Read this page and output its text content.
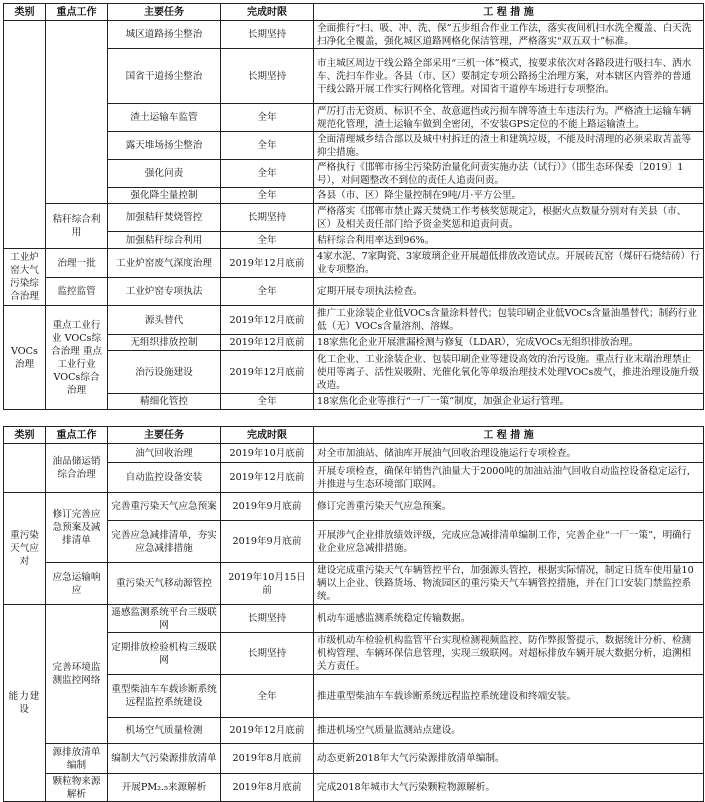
类别	重点工作	主要任务	完成时限	工 程 措 施
		城区道路扬尘整治	长期坚持	全面推行“扫、吸、冲、洗、保”五步组合作业工作法，落实夜间机扫水洗全覆盖、白天洗扫净化全覆盖，强化城区道路网格化保洁管理，严格落实“双五双十”标准。
		国省干道扬尘整治	长期坚持	市主城区周边干线公路全部采用“三机一体”模式，按要求依次对各路段进行吸扫车、洒水车、洗扫车作业。各县（市、区）要制定专项公路扬尘治理方案，对本辖区内管养的普通干线公路开展工作实行网格化管理。对国省干道停车场进行专项整治。
		渣土运输车监管	全年	严厉打击无资质、标识不全、故意遮挡或污损车牌等渣土车违法行为。严格渣土运输车辆规范化管理，渣土运输车做到全密闭，不安装GPS定位的不能上路运输渣土。
		露天堆场扬尘整治	全年	全面清理城乡结合部以及城中村拆迁的渣土和建筑垃圾，不能及时清理的必须采取苫盖等抑尘措施。
		强化问责	全年	严格执行《邯郸市扬尘污染防治量化问责实施办法（试行）》（邯生态环保委〔2019〕1号），对问题整改不到位的责任人追责问责。
		强化降尘量控制	全年	各县（市、区）降尘量控制在9吨/月·平方公里。
	秸秆综合利用	加强秸秆焚烧管控	长期坚持	严格落实《邯郸市禁止露天焚烧工作考核奖惩规定》，根据火点数量分别对有关县（市、区）及相关责任部门给予资金奖惩和追责问责。
		加强秸秆综合利用	全年	秸秆综合利用率达到96%。
工业炉窑大气污染综合治理	治理一批	工业炉窑废气深度治理	2019年12月底前	4家水泥、7家陶瓷、3家玻璃企业开展超低排放改造试点。开展砖瓦窑（煤矸石烧结砖）行业专项整治。
	监控监管	工业炉窑专项执法	全年	定期开展专项执法检查。
VOCs治理	重点工业行业 VOCs综合治理 重点工业行业 VOCs综合治理	源头替代	2019年12月底前	推广工业涂装企业低VOCs含量涂料替代；包装印刷企业低VOCs含量油墨替代；制药行业低（无）VOCs含量溶剂、溶媒。
		无组织排放控制	2019年12月底前	18家焦化企业开展泄漏检测与修复（LDAR），完成VOCs无组织排放治理。
		治污设施建设	2019年12月底前	化工企业、工业涂装企业、包装印刷企业等建设高效的治污设施。重点行业末端治理禁止使用等离子、活性炭吸附、光催化氧化等单级治理技术处理VOCs废气，推进治理设施升级改造。
		精细化管控	全年	18家焦化企业等推行“一厂一策”制度，加强企业运行管理。
类别	重点工作	主要任务	完成时限	工 程 措 施
	油品储运销综合治理	油气回收治理	2019年10月底前	对全市加油站、储油库开展油气回收治理设施运行专项检查。
		自动监控设备安装	2019年12月底前	开展专项检查，确保年销售汽油量大于2000吨的加油站油气回收自动监控设备稳定运行，并推进与生态环境部门联网。
重污染天气应对	修订完善应急预案及减排清单	完善重污染天气应急预案	2019年9月底前	修订完善重污染天气应急预案。
		完善应急减排清单，夯实应急减排措施	2019年9月底前	开展涉气企业排放绩效评级，完成应急减排清单编制工作，完善企业“一厂一策”，明确行业企业应急减排措施。
	应急运输响应	重污染天气移动源管控	2019年10月15日前	建设完成重污染天气车辆管控平台，加强源头管控，根据实际情况，制定日货车使用量10辆以上企业、铁路货场、物流园区的重污染天气车辆管控措施，并在门口安装门禁监控系统。
能力建设	完善环境监测监控网络	遥感监测系统平台三级联网	长期坚持	机动车遥感监测系统稳定传输数据。
		定期排放检验机构三级联网	长期坚持	市级机动车检验机构监管平台实现检测视频监控、防作弊报警提示、数据统计分析、检测机构管理、车辆环保信息管理，实现三级联网。对超标排放车辆开展大数据分析，追溯相关方责任。
		重型柴油车车载诊断系统远程监控系统建设	全年	推进重型柴油车车载诊断系统远程监控系统建设和终端安装。
		机场空气质量检测	2019年12月底前	推进机场空气质量监测站点建设。
	源排放清单编制	编制大气污染源排放清单	2019年8月底前	动态更新2018年大气污染源排放清单编制。
	颗粒物来源解析	开展PM₂.₅来源解析	2019年8月底前	完成2018年城市大气污染颗粒物源解析。
